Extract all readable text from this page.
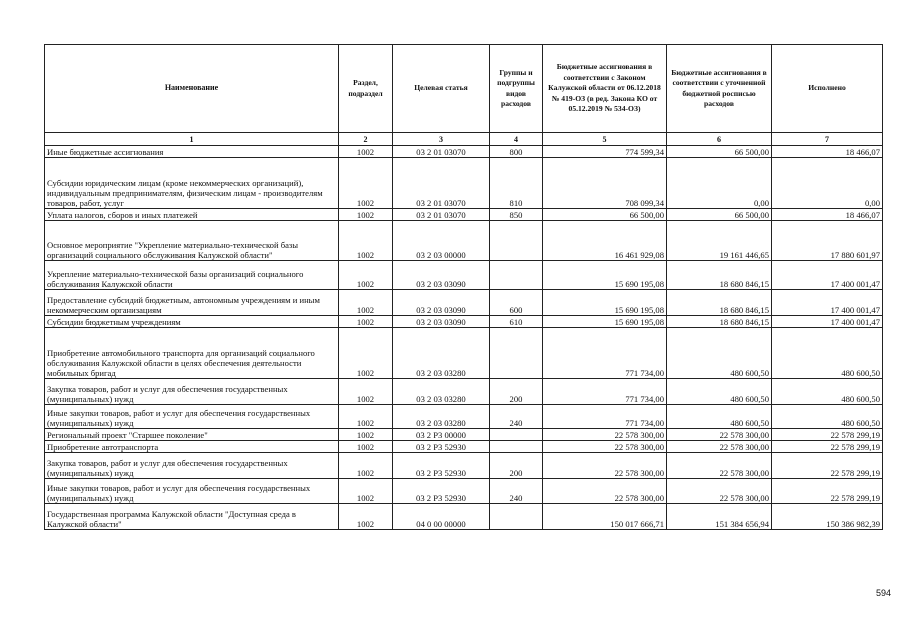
Наименование	Раздел, подраздел	Целевая статья	Группы и подгруппы видов расходов	Бюджетные ассигнования в соответствии с Законом Калужской области от 06.12.2018 № 419-ОЗ (в ред. Закона КО от 05.12.2019 № 534-ОЗ)	Бюджетные ассигнования в соответствии с уточненной бюджетной росписью расходов	Исполнено
1	2	3	4	5	6	7
Иные бюджетные ассигнования	1002	03 2 01 03070	800	774 599,34	66 500,00	18 466,07
Субсидии юридическим лицам (кроме некоммерческих организаций), индивидуальным предпринимателям, физическим лицам - производителям товаров, работ, услуг	1002	03 2 01 03070	810	708 099,34	0,00	0,00
Уплата налогов, сборов и иных платежей	1002	03 2 01 03070	850	66 500,00	66 500,00	18 466,07
Основное мероприятие "Укрепление материально-технической базы организаций социального обслуживания Калужской области"	1002	03 2 03 00000		16 461 929,08	19 161 446,65	17 880 601,97
Укрепление материально-технической базы организаций социального обслуживания Калужской области	1002	03 2 03 03090		15 690 195,08	18 680 846,15	17 400 001,47
Предоставление субсидий бюджетным, автономным учреждениям и иным некоммерческим организациям	1002	03 2 03 03090	600	15 690 195,08	18 680 846,15	17 400 001,47
Субсидии бюджетным учреждениям	1002	03 2 03 03090	610	15 690 195,08	18 680 846,15	17 400 001,47
Приобретение автомобильного транспорта для организаций социального обслуживания Калужской области в целях обеспечения деятельности мобильных бригад	1002	03 2 03 03280		771 734,00	480 600,50	480 600,50
Закупка товаров, работ и услуг для обеспечения государственных (муниципальных) нужд	1002	03 2 03 03280	200	771 734,00	480 600,50	480 600,50
Иные закупки товаров, работ и услуг для обеспечения государственных (муниципальных) нужд	1002	03 2 03 03280	240	771 734,00	480 600,50	480 600,50
Региональный проект "Старшее поколение"	1002	03 2 P3 00000		22 578 300,00	22 578 300,00	22 578 299,19
Приобретение автотранспорта	1002	03 2 P3 52930		22 578 300,00	22 578 300,00	22 578 299,19
Закупка товаров, работ и услуг для обеспечения государственных (муниципальных) нужд	1002	03 2 P3 52930	200	22 578 300,00	22 578 300,00	22 578 299,19
Иные закупки товаров, работ и услуг для обеспечения государственных (муниципальных) нужд	1002	03 2 P3 52930	240	22 578 300,00	22 578 300,00	22 578 299,19
Государственная программа Калужской области "Доступная среда в Калужской области"	1002	04 0 00 00000		150 017 666,71	151 384 656,94	150 386 982,39
594
